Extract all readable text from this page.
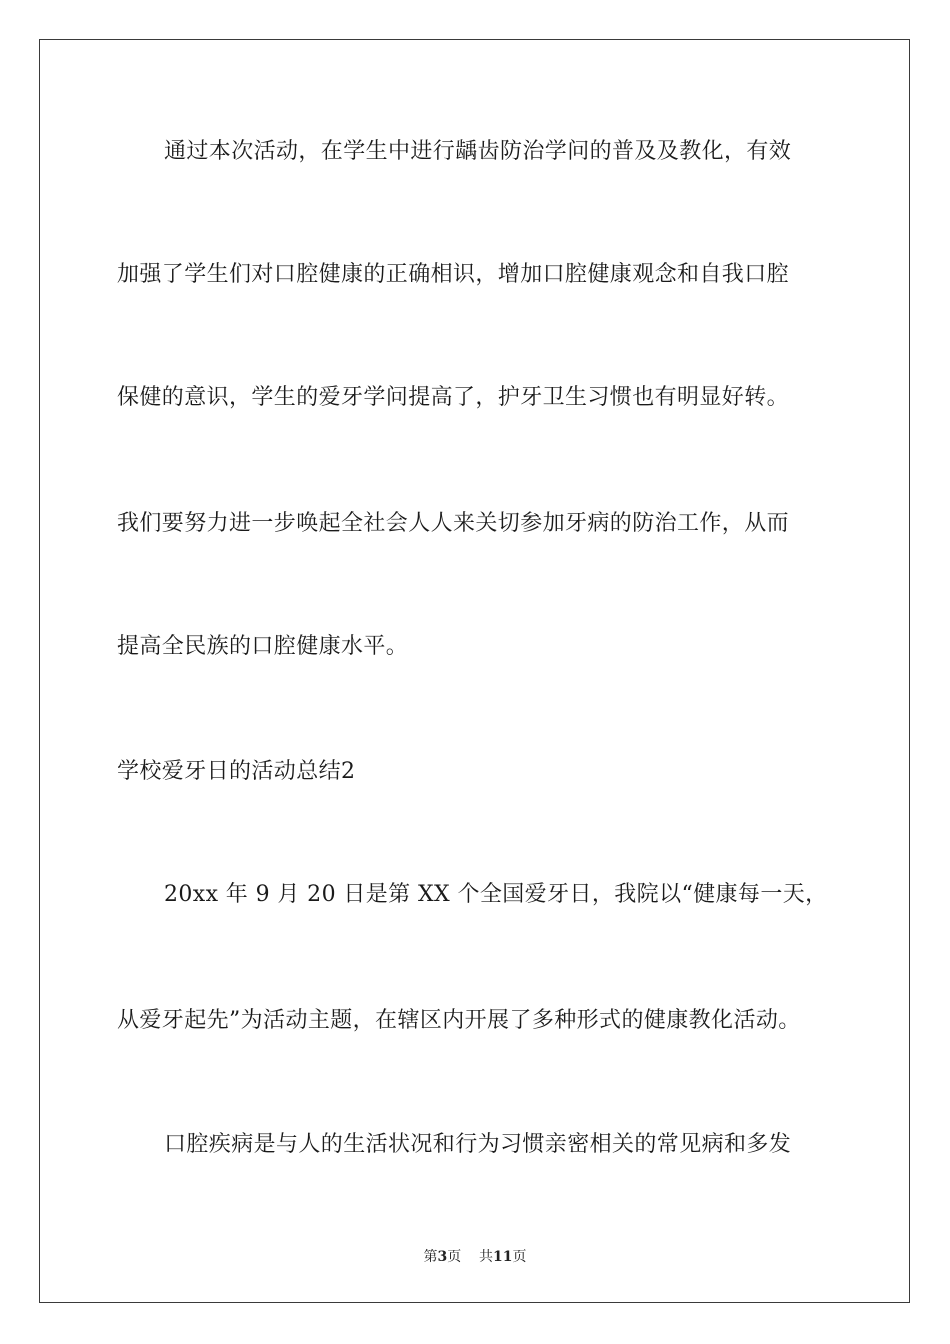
通过本次活动，在学生中进行龋齿防治学问的普及及教化，有效
加强了学生们对口腔健康的正确相识，增加口腔健康观念和自我口腔
保健的意识，学生的爱牙学问提高了，护牙卫生习惯也有明显好转。
我们要努力进一步唤起全社会人人来关切参加牙病的防治工作，从而
提高全民族的口腔健康水平。
学校爱牙日的活动总结2
20xx 年 9 月 20 日是第 XX 个全国爱牙日，我院以“健康每一天，
从爱牙起先”为活动主题，在辖区内开展了多种形式的健康教化活动。
口腔疾病是与人的生活状况和行为习惯亲密相关的常见病和多发
第3页 共11页
